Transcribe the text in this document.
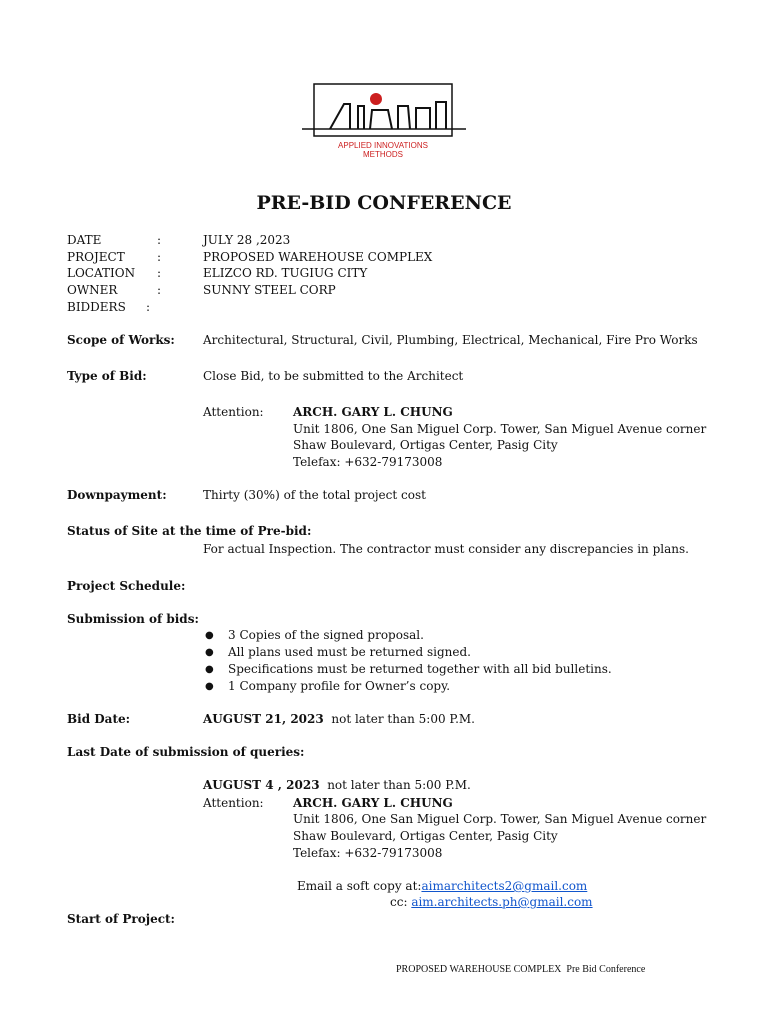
APPLIED INNOVATIONS
METHODS
PRE-BID CONFERENCE
DATE	:	JULY 28 ,2023
PROJECT	:	PROPOSED WAREHOUSE COMPLEX
LOCATION :	ELIZCO RD. TUGIUG CITY
OWNER	:	SUNNY STEEL CORP
BIDDERS :
Scope of Works: Architectural, Structural, Civil, Plumbing, Electrical, Mechanical, Fire Pro Works
Type of Bid:	Close Bid, to be submitted to the Architect
Attention: ARCH. GARY L. CHUNG
Unit 1806, One San Miguel Corp. Tower, San Miguel Avenue corner
Shaw Boulevard, Ortigas Center, Pasig City
Telefax: +632-79173008
Downpayment:	Thirty (30%) of the total project cost
Status of Site at the time of Pre-bid:
For actual Inspection. The contractor must consider any discrepancies in plans.
Project Schedule:
Submission of bids:
● 3 Copies of the signed proposal.
● All plans used must be returned signed.
● Specifications must be returned together with all bid bulletins.
● 1 Company profile for Owner’s copy.
Bid Date:	AUGUST 21, 2023 not later than 5:00 P.M.
Last Date of submission of queries:
AUGUST 4 , 2023 not later than 5:00 P.M.
Attention: ARCH. GARY L. CHUNG
Unit 1806, One San Miguel Corp. Tower, San Miguel Avenue corner
Shaw Boulevard, Ortigas Center, Pasig City
Telefax: +632-79173008
Email a soft copy at:aimarchitects2@gmail.com
cc: aim.architects.ph@gmail.com
Start of Project:
PROPOSED WAREHOUSE COMPLEX Pre Bid Conference
